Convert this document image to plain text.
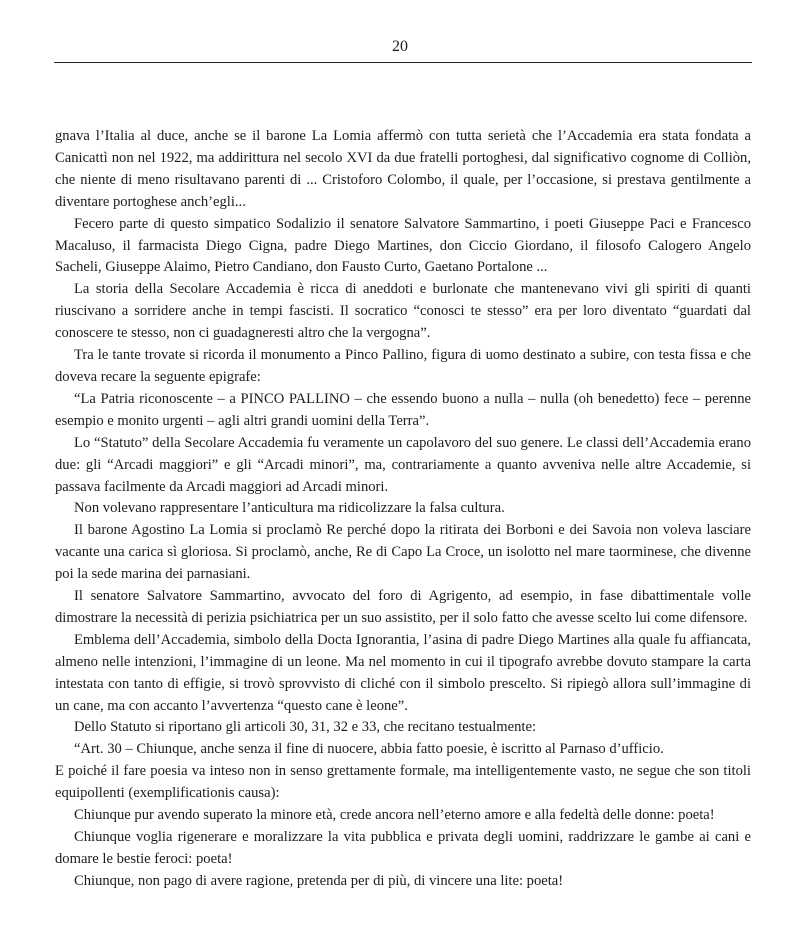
20

gnava l’Italia al duce, anche se il barone La Lomia affermò con tutta serietà che l’Accademia era stata fondata a Canicattì non nel 1922, ma addirittura nel secolo XVI da due fratelli portoghesi, dal significativo cognome di Colliòn, che niente di meno risultavano parenti di ... Cristoforo Colombo, il quale, per l’occasione, si prestava gentilmente a diventare portoghese anch’egli...

Fecero parte di questo simpatico Sodalizio il senatore Salvatore Sammartino, i poeti Giuseppe Paci e Francesco Macaluso, il farmacista Diego Cigna, padre Diego Martines, don Ciccio Giordano, il filosofo Calogero Angelo Sacheli, Giuseppe Alaimo, Pietro Candiano, don Fausto Curto, Gaetano Portalone ...

La storia della Secolare Accademia è ricca di aneddoti e burlonate che mantenevano vivi gli spiriti di quanti riuscivano a sorridere anche in tempi fascisti. Il socratico “conosci te stesso” era per loro diventato “guardati dal conoscere te stesso, non ci guadagneresti altro che la vergogna”.

Tra le tante trovate si ricorda il monumento a Pinco Pallino, figura di uomo destinato a subire, con testa fissa e che doveva recare la seguente epigrafe:

“La Patria riconoscente – a PINCO PALLINO – che essendo buono a nulla – nulla (oh benedetto) fece – perenne esempio e monito urgenti – agli altri grandi uomini della Terra”.

Lo “Statuto” della Secolare Accademia fu veramente un capolavoro del suo genere. Le classi dell’Accademia erano due: gli “Arcadi maggiori” e gli “Arcadi minori”, ma, contrariamente a quanto avveniva nelle altre Accademie, si passava facilmente da Arcadi maggiori ad Arcadi minori.

Non volevano rappresentare l’anticultura ma ridicolizzare la falsa cultura.

Il barone Agostino La Lomia si proclamò Re perché dopo la ritirata dei Borboni e dei Savoia non voleva lasciare vacante una carica sì gloriosa. Si proclamò, anche, Re di Capo La Croce, un isolotto nel mare taorminese, che divenne poi la sede marina dei parnasiani.

Il senatore Salvatore Sammartino, avvocato del foro di Agrigento, ad esempio, in fase dibattimentale volle dimostrare la necessità di perizia psichiatrica per un suo assistito, per il solo fatto che avesse scelto lui come difensore.

Emblema dell’Accademia, simbolo della Docta Ignorantia, l’asina di padre Diego Martines alla quale fu affiancata, almeno nelle intenzioni, l’immagine di un leone. Ma nel momento in cui il tipografo avrebbe dovuto stampare la carta intestata con tanto di effigie, si trovò sprovvisto di cliché con il simbolo prescelto. Si ripiegò allora sull’immagine di un cane, ma con accanto l’avvertenza “questo cane è leone”.

Dello Statuto si riportano gli articoli 30, 31, 32 e 33, che recitano testualmente:

“Art. 30 – Chiunque, anche senza il fine di nuocere, abbia fatto poesie, è iscritto al Parnaso d’ufficio.

E poiché il fare poesia va inteso non in senso grettamente formale, ma intelligentemente vasto, ne segue che son titoli equipollenti (exemplificationis causa):

Chiunque pur avendo superato la minore età, crede ancora nell’eterno amore e alla fedeltà delle donne: poeta!

Chiunque voglia rigenerare e moralizzare la vita pubblica e privata degli uomini, raddrizzare le gambe ai cani e domare le bestie feroci: poeta!

Chiunque, non pago di avere ragione, pretenda per di più, di vincere una lite: poeta!
